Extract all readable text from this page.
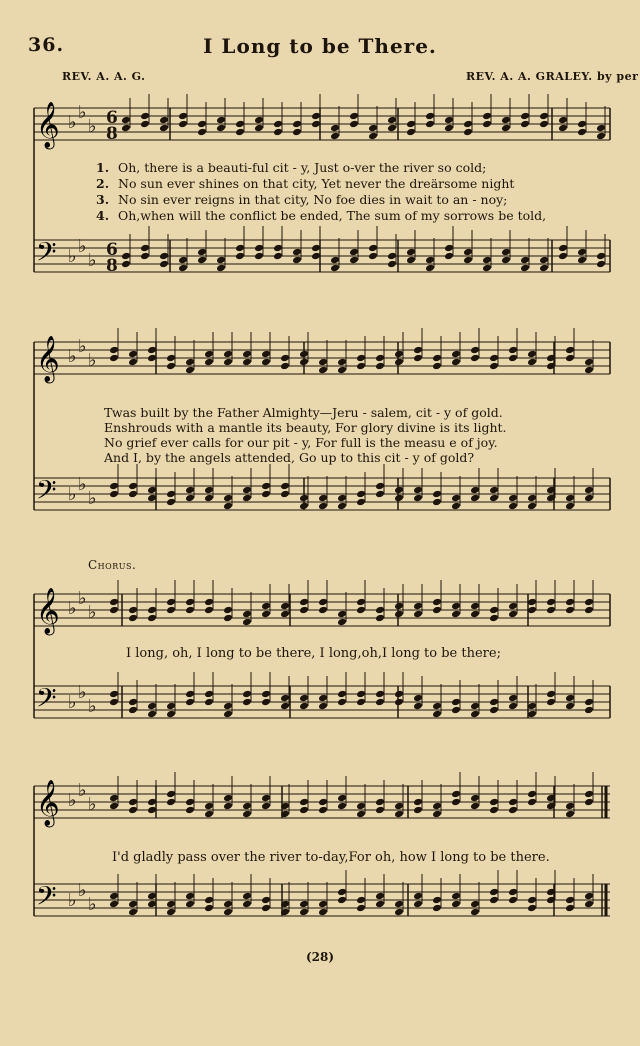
36.	I Long to be There.
REV. A. A. G.	REV. A. A. GRALEY. by per
𝄞
𝄢
♭ ♭
♭
♭ ♭
♭
6
8
6
8
1. Oh, there is a beauti-ful cit - y, Just o-ver the river so cold;
2. No sun ever shines on that city, Yet never the dreärsome night
3. No sin ever reigns in that city, No foe dies in wait to an - noy;
4. Oh,when will the conflict be ended, The sum of my sorrows be told,
𝄞
𝄢
♭ ♭
♭
♭ ♭
♭
Twas built by the Father Almighty—Jeru - salem, cit - y of gold.
Enshrouds with a mantle its beauty, For glory divine is its light.
No grief ever calls for our pit - y, For full is the measu e of joy.
And I, by the angels attended, Go up to this cit - y of gold?
Chorus.
𝄞
𝄢
♭ ♭
♭
♭ ♭
♭
I long, oh, I long to be there, I long,oh,I long to be there;
𝄞
𝄢
♭ ♭
♭
♭ ♭
♭
I'd gladly pass over the river to-day,For oh, how I long to be there.
(28)
